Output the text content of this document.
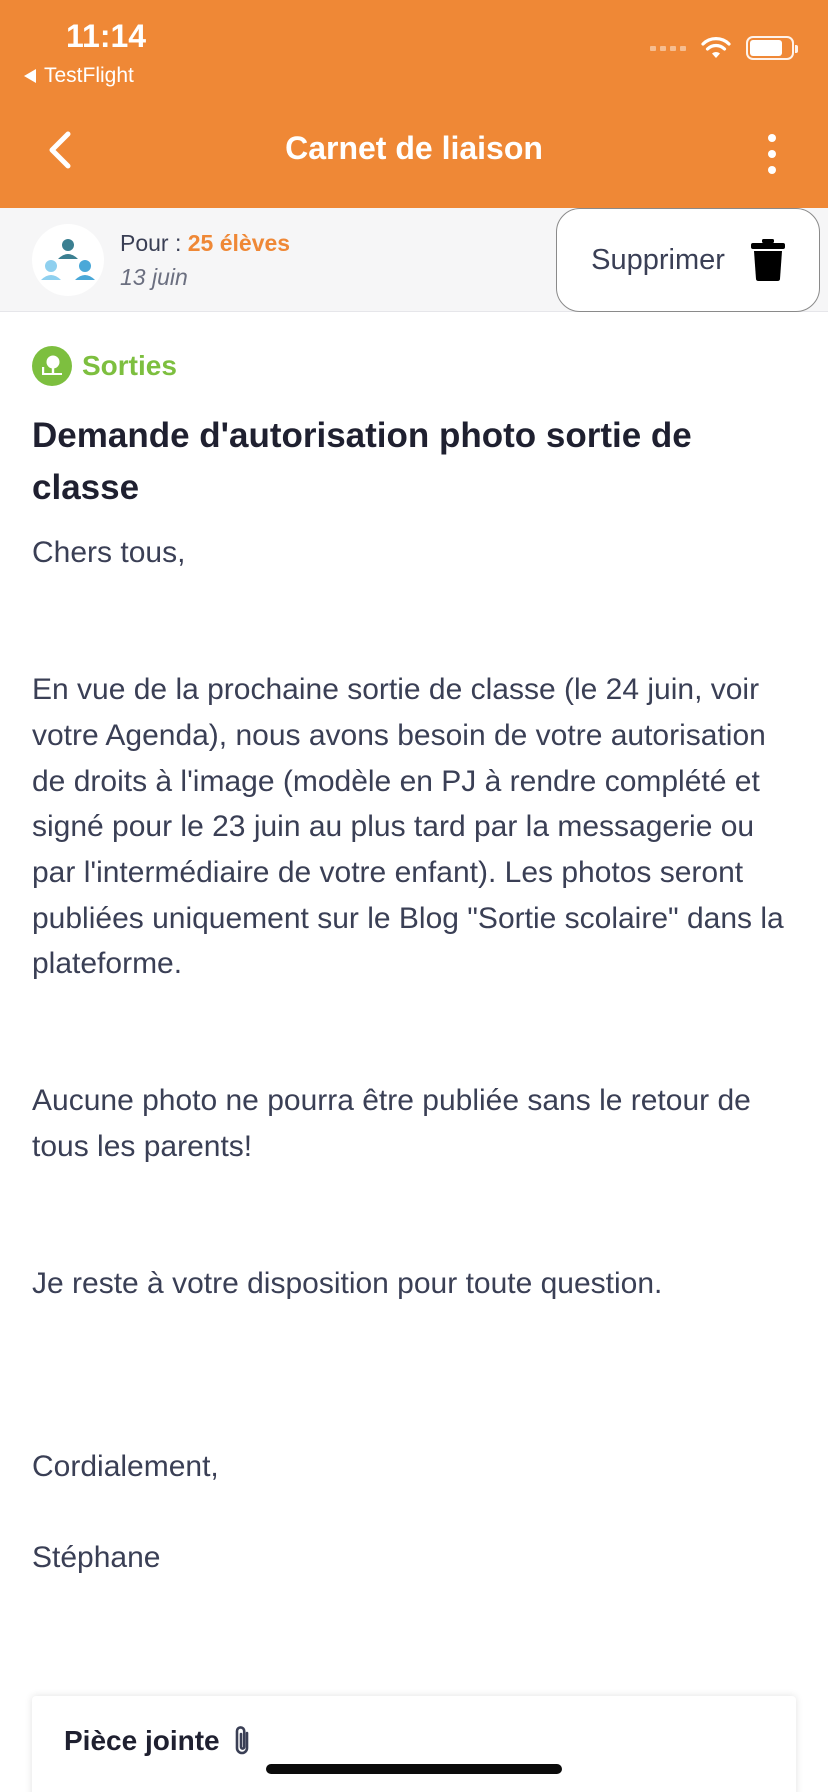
11:14
TestFlight
Carnet de liaison
Pour : 25 élèves
13 juin
Supprimer
Sorties
Demande d'autorisation photo sortie de classe

Chers tous,

En vue de la prochaine sortie de classe (le 24 juin, voir votre Agenda), nous avons besoin de votre autorisation de droits à l'image (modèle en PJ à rendre complété et signé pour le 23 juin au plus tard par la messagerie ou par l'intermédiaire de votre enfant). Les photos seront publiées uniquement sur le Blog "Sortie scolaire" dans la plateforme.

Aucune photo ne pourra être publiée sans le retour de tous les parents!

Je reste à votre disposition pour toute question.

Cordialement,

Stéphane

Pièce jointe
